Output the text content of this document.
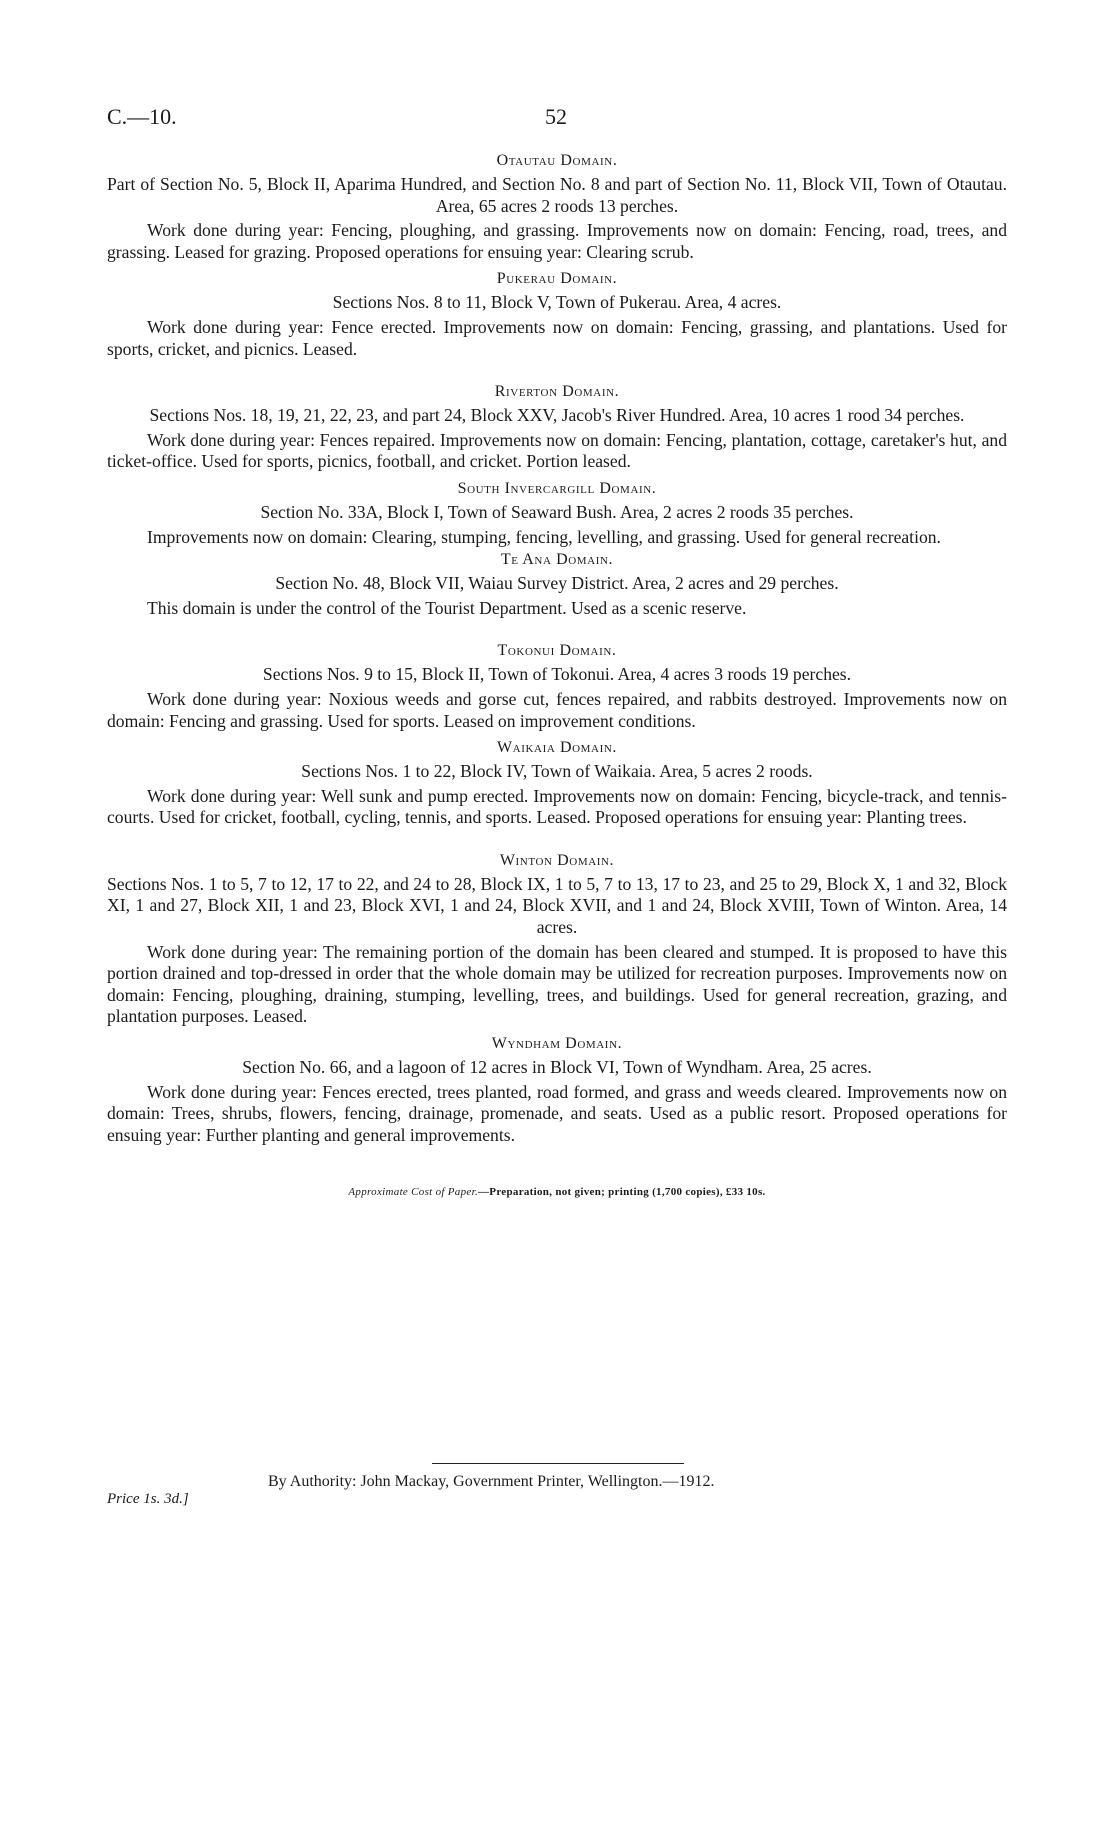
C.—10.	52
Otautau Domain.

Part of Section No. 5, Block II, Aparima Hundred, and Section No. 8 and part of Section No. 11, Block VII, Town of Otautau. Area, 65 acres 2 roods 13 perches.

Work done during year: Fencing, ploughing, and grassing. Improvements now on domain: Fencing, road, trees, and grassing. Leased for grazing. Proposed operations for ensuing year: Clearing scrub.

Pukerau Domain.

Sections Nos. 8 to 11, Block V, Town of Pukerau. Area, 4 acres.

Work done during year: Fence erected. Improvements now on domain: Fencing, grassing, and plantations. Used for sports, cricket, and picnics. Leased.

Riverton Domain.

Sections Nos. 18, 19, 21, 22, 23, and part 24, Block XXV, Jacob's River Hundred. Area, 10 acres 1 rood 34 perches.

Work done during year: Fences repaired. Improvements now on domain: Fencing, plantation, cottage, caretaker's hut, and ticket-office. Used for sports, picnics, football, and cricket. Portion leased.

South Invercargill Domain.

Section No. 33A, Block I, Town of Seaward Bush. Area, 2 acres 2 roods 35 perches.

Improvements now on domain: Clearing, stumping, fencing, levelling, and grassing. Used for general recreation.

Te Ana Domain.

Section No. 48, Block VII, Waiau Survey District. Area, 2 acres and 29 perches.

This domain is under the control of the Tourist Department. Used as a scenic reserve.

Tokonui Domain.

Sections Nos. 9 to 15, Block II, Town of Tokonui. Area, 4 acres 3 roods 19 perches.

Work done during year: Noxious weeds and gorse cut, fences repaired, and rabbits destroyed. Improvements now on domain: Fencing and grassing. Used for sports. Leased on improvement conditions.

Waikaia Domain.

Sections Nos. 1 to 22, Block IV, Town of Waikaia. Area, 5 acres 2 roods.

Work done during year: Well sunk and pump erected. Improvements now on domain: Fencing, bicycle-track, and tennis-courts. Used for cricket, football, cycling, tennis, and sports. Leased. Proposed operations for ensuing year: Planting trees.

Winton Domain.

Sections Nos. 1 to 5, 7 to 12, 17 to 22, and 24 to 28, Block IX, 1 to 5, 7 to 13, 17 to 23, and 25 to 29, Block X, 1 and 32, Block XI, 1 and 27, Block XII, 1 and 23, Block XVI, 1 and 24, Block XVII, and 1 and 24, Block XVIII, Town of Winton. Area, 14 acres.

Work done during year: The remaining portion of the domain has been cleared and stumped. It is proposed to have this portion drained and top-dressed in order that the whole domain may be utilized for recreation purposes. Improvements now on domain: Fencing, ploughing, draining, stumping, levelling, trees, and buildings. Used for general recreation, grazing, and plantation purposes. Leased.

Wyndham Domain.

Section No. 66, and a lagoon of 12 acres in Block VI, Town of Wyndham. Area, 25 acres.

Work done during year: Fences erected, trees planted, road formed, and grass and weeds cleared. Improvements now on domain: Trees, shrubs, flowers, fencing, drainage, promenade, and seats. Used as a public resort. Proposed operations for ensuing year: Further planting and general improvements.

Approximate Cost of Paper.—Preparation, not given; printing (1,700 copies), £33 10s.
By Authority: John Mackay, Government Printer, Wellington.—1912.
Price 1s. 3d.]
